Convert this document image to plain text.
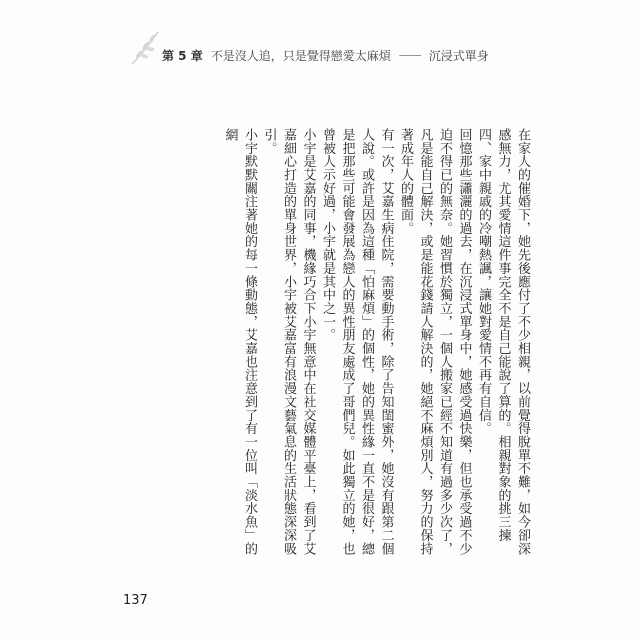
第 5 章 不是沒人追，只是覺得戀愛太麻煩 —— 沉浸式單身

在家人的催婚下，她先後應付了不少相親，以前覺得脫單不難，如今卻深感無力，尤其愛情這件事完全不是自己能說了算的。相親對象的挑三揀四、家中親戚的冷嘲熱諷，讓她對愛情不再有自信。

回憶那些瀟灑的過去，在沉浸式單身中，她感受過快樂，但也承受過不少迫不得已的無奈。她習慣於獨立，一個人搬家已經不知道有過多少次了，凡是能自己解決，或是能花錢請人解決的，她絕不麻煩別人，努力的保持著成年人的體面。

有一次，艾嘉生病住院，需要動手術，除了告知閨蜜外，她沒有跟第二個人說。或許是因為這種「怕麻煩」的個性，她的異性緣一直不是很好，總是把那些可能會發展為戀人的異性朋友處成了哥們兒。如此獨立的她，也曾被人示好過，小宇就是其中之一。

小宇是艾嘉的同事，機緣巧合下小宇無意中在社交媒體平臺上，看到了艾嘉細心打造的單身世界，小宇被艾嘉富有浪漫文藝氣息的生活狀態深深吸引。

小宇默默關注著她的每一條動態，艾嘉也注意到了有一位叫「淡水魚」的網

137
